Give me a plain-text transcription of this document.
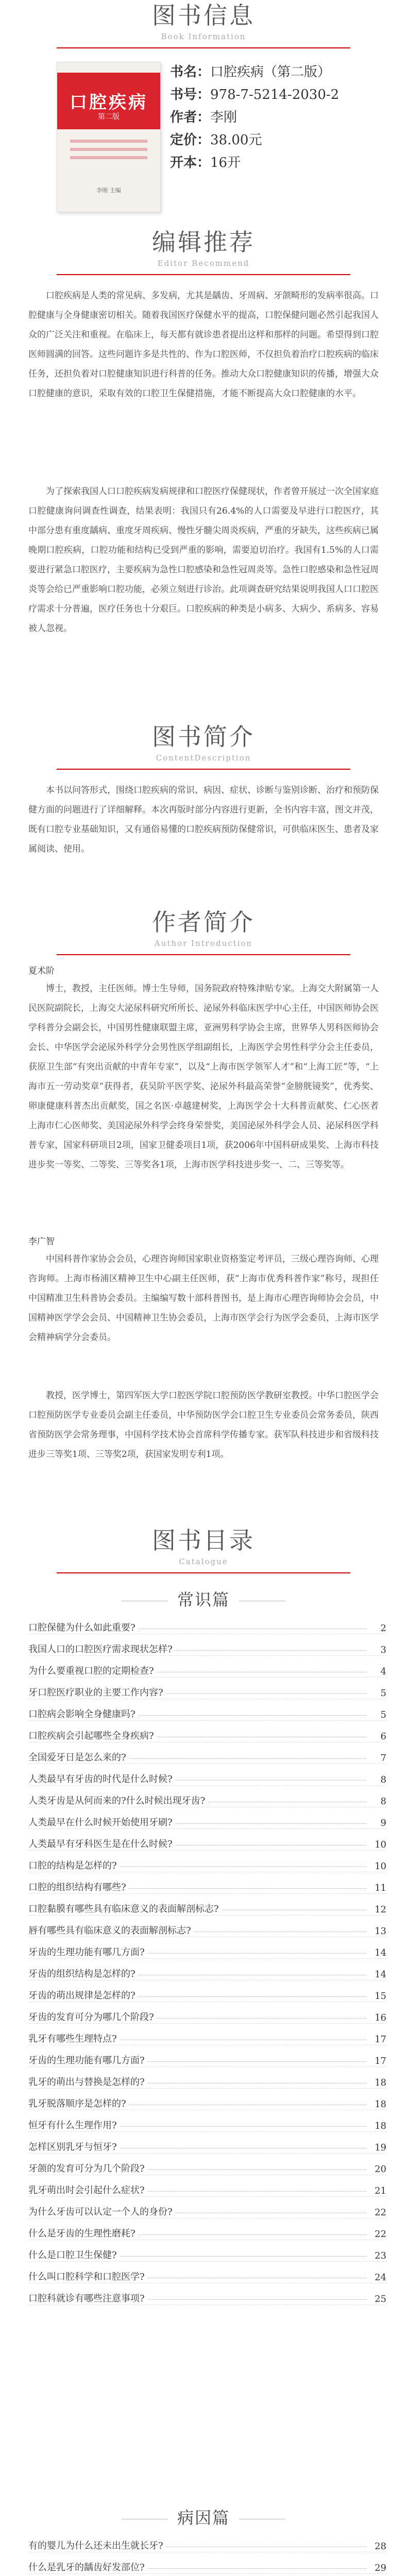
图书信息
Book Information
口腔疾病
第二版
李刚 主编
书名：口腔疾病（第二版）
书号：978-7-5214-2030-2
作者：李刚
定价：38.00元
开本：16开
编辑推荐
Editor Recommend

口腔疾病是人类的常见病、多发病，尤其是龋齿、牙周病、牙颌畸形的发病率很高。口腔健康与全身健康密切相关。随着我国医疗保健水平的提高，口腔保健问题必然引起我国人众的广泛关注和重视。在临床上，每天都有就诊患者提出这样和那样的问题。希望得到口腔医师圆满的回答。这些问题许多是共性的、作为口腔医师，不仅担负着治疗口腔疾病的临床任务，还担负着对口腔健康知识进行科普的任务。推动大众口腔健康知识的传播，增强大众口腔健康的意识，采取有效的口腔卫生保健措施，才能不断提高大众口腔健康的水平。

为了探索我国人口口腔疾病发病规律和口腔医疗保健现状，作者曾开展过一次全国家庭口腔健康询问调查性调查，结果表明：我国只有26.4%的人口需要及早进行口腔医疗，其中部分患有重度龋病、重度牙周疾病、慢性牙髓尖周炎疾病，严重的牙缺失，这些疾病已属晚期口腔疾病，口腔功能和结构已受到严重的影响，需要迫切治疗。我国有1.5%的人口需要进行紧急口腔医疗，主要疾病为急性口腔感染和急性冠周炎等。急性口腔感染和急性冠周炎等会给已严重影响口腔功能，必须立刻进行诊治。此项调查研究结果说明我国人口口腔医疗需求十分普遍，医疗任务也十分艰巨。口腔疾病的种类是小病多、大病少、系病多、容易被人忽视。

图书简介
ContentDescription

本书以问答形式，围绕口腔疾病的常识、病因、症状、诊断与鉴别诊断、治疗和预防保健方面的问题进行了详细解释。本次再版时部分内容进行更新，全书内容丰富，图文并茂，既有口腔专业基础知识，又有通俗易懂的口腔疾病预防保健常识，可供临床医生、患者及家属阅读、使用。

作者简介
Author Introduction
夏术阶

博士，教授，主任医师。博士生导师，国务院政府特殊津贴专家。上海交大附属第一人民医院副院长，上海交大泌尿科研究所所长、泌尿外科临床医学中心主任，中国医师协会医学科普分会副会长，中国男性健康联盟主席，亚洲男科学协会主席，世界华人男科医师协会会长、中华医学会泌尿外科学分会男性医学组副组长，上海医学会男性科学分会主任委员，获原卫生部“有突出贡献的中青年专家”，以及“上海市医学领军人才”和“上海工匠”等，“上海市五一劳动奖章”获得者，获吴阶平医学奖、泌尿外科最高荣誉“金膀胱镜奖”，优秀奖、卵康健康科普杰出贡献奖，国之名医·卓越建树奖，上海医学会十大科普贡献奖、仁心医者 上海市仁心医师奖、美国泌尿外科学会终身荣誉奖，美国泌尿外科学会人员、泌尿科医学科普专家，国家科研项目2项，国家卫健委项目1项，获2006年中国科研成果奖、上海市科技进步奖一等奖、二等奖、三等奖各1项，上海市医学科技进步奖一、二、三等奖等。

李广智

中国科普作家协会会员，心理咨询师国家职业资格鉴定考评员，三级心理咨询师、心理咨询师。上海市杨浦区精神卫生中心副主任医师，获“上海市优秀科普作家”称号，现担任中国精准卫生科普协会委员。主编编写数十部科普图书，是上海市心理咨询师协会会员，中国精神医学学会会员、中国精神卫生协会委员，上海市医学会行为医学会委员，上海市医学会精神病学分会委员。

教授，医学博士，第四军医大学口腔医学院口腔预防医学教研室教授。中华口腔医学会口腔预防医学专业委员会副主任委员，中华预防医学会口腔卫生专业委员会常务委员，陕西省预防医学会常务理事，中国科学技术协会首席科学传播专家。获军队科技进步和省级科技进步三等奖1项、三等奖2项，获国家发明专利1项。

图书目录
Catalogue
常识篇
口腔保健为什么如此重要?	2
我国人口的口腔医疗需求现状怎样?	3
为什么要重视口腔的定期检查?	4
牙口腔医疗职业的主要工作内容?	5
口腔病会影响全身健康吗?	5
口腔疾病会引起哪些全身疾病?	6
全国爱牙日是怎么来的?	7
人类最早有牙齿的时代是什么时候?	8
人类牙齿是从何而来的?什么时候出现牙齿?	8
人类最早在什么时候开始使用牙刷?	9
人类最早有牙科医生是在什么时候?	10
口腔的结构是怎样的?	10
口腔的组织结构有哪些?	11
口腔黏膜有哪些具有临床意义的表面解剖标志?	12
唇有哪些具有临床意义的表面解剖标志?	13
牙齿的生理功能有哪几方面?	14
牙齿的组织结构是怎样的?	14
牙齿的萌出规律是怎样的?	15
牙齿的发育可分为哪几个阶段?	16
乳牙有哪些生理特点?	17
牙齿的生理功能有哪几方面?	17
乳牙的萌出与替换是怎样的?	18
乳牙脱落顺序是怎样的?	18
恒牙有什么生理作用?	18
怎样区别乳牙与恒牙?	19
牙颌的发育可分为几个阶段?	20
乳牙萌出时会引起什么症状?	21
为什么牙齿可以认定一个人的身份?	22
什么是牙齿的生理性磨耗?	22
什么是口腔卫生保健?	23
什么叫口腔科学和口腔医学?	24
口腔科就诊有哪些注意事项?	25
病因篇
有的婴儿为什么还未出生就长牙?	28
什么是乳牙的龋齿好发部位?	29
